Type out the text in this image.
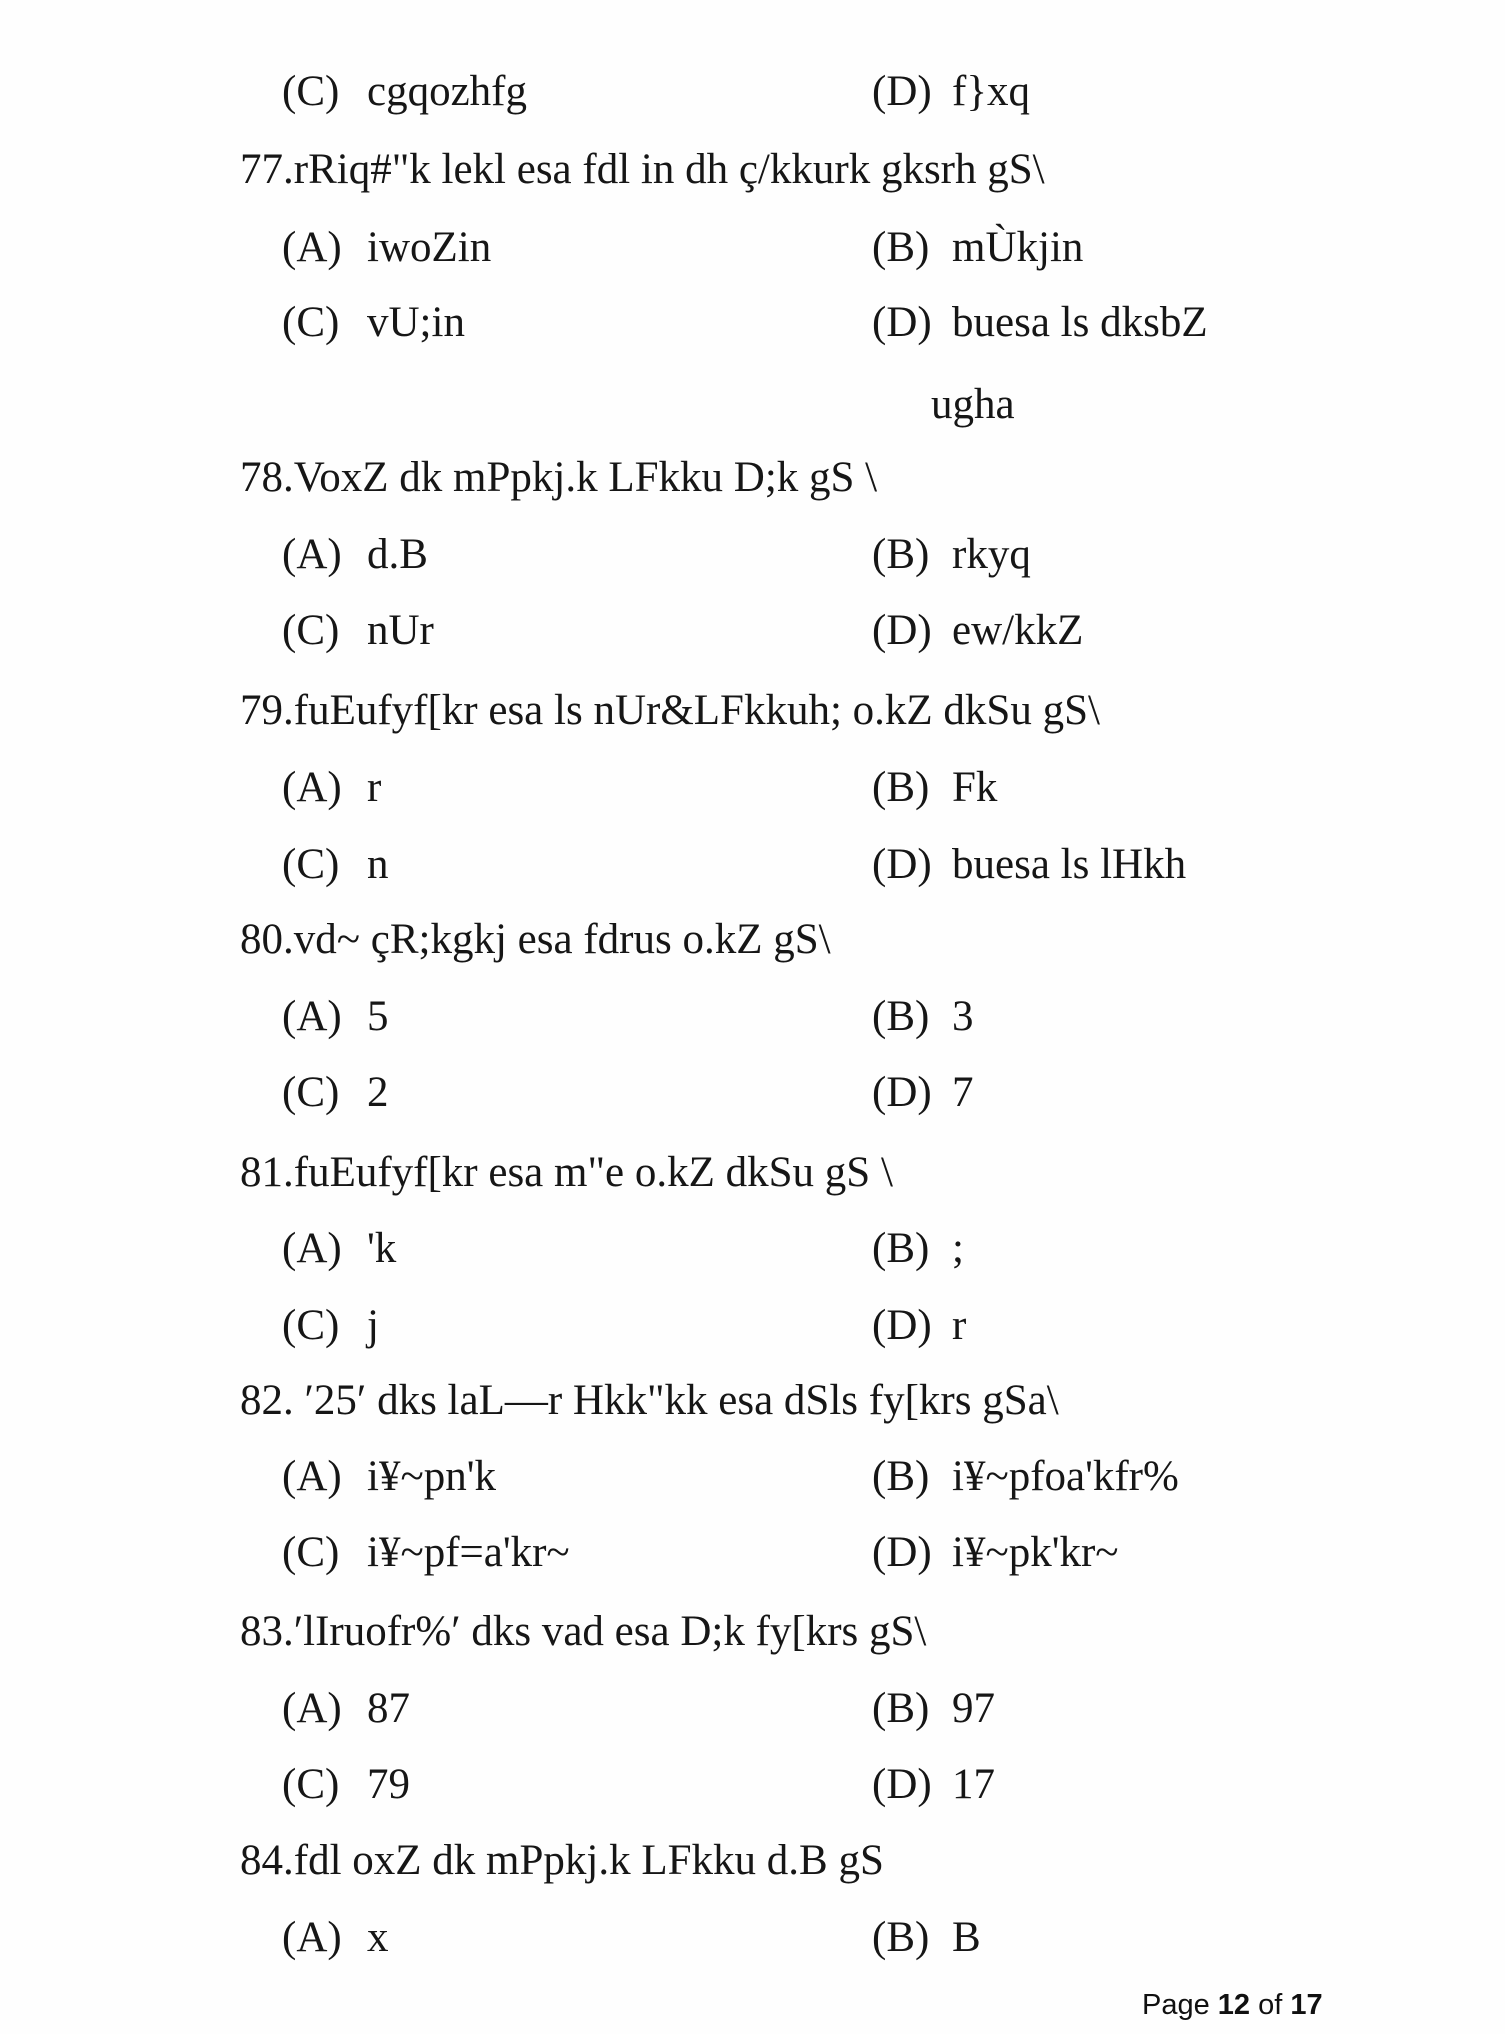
(C) cgqozhfg	(D) f}xq
77.rRiq#"k lekl esa fdl in dh ç/kkurk gksrh gS\
(A) iwoZin	(B) mÙkjin
(C) vU;in	(D) buesa ls dksbZ
ugha
78.VoxZ dk mPpkj.k LFkku D;k gS \
(A) d.B	(B) rkyq
(C) nUr	(D) ew/kkZ
79.fuEufyf[kr esa ls nUr&LFkkuh; o.kZ dkSu gS\
(A) r	(B) Fk
(C) n	(D) buesa ls lHkh
80.vd~ çR;kgkj esa fdrus o.kZ gS\
(A) 5	(B) 3
(C) 2	(D) 7
81.fuEufyf[kr esa m"e o.kZ dkSu gS \
(A) 'k	(B) ;
(C) j	(D) r
82. ′25′ dks laL—r Hkk"kk esa dSls fy[krs gSa\
(A) i¥~pn'k	(B) i¥~pfoa'kfr%
(C) i¥~pf=a'kr~	(D) i¥~pk'kr~
83.′lIruofr%′ dks vad esa D;k fy[krs gS\
(A) 87	(B) 97
(C) 79	(D) 17
84.fdl oxZ dk mPpkj.k LFkku d.B gS
(A) x	(B) B
Page 12 of 17
